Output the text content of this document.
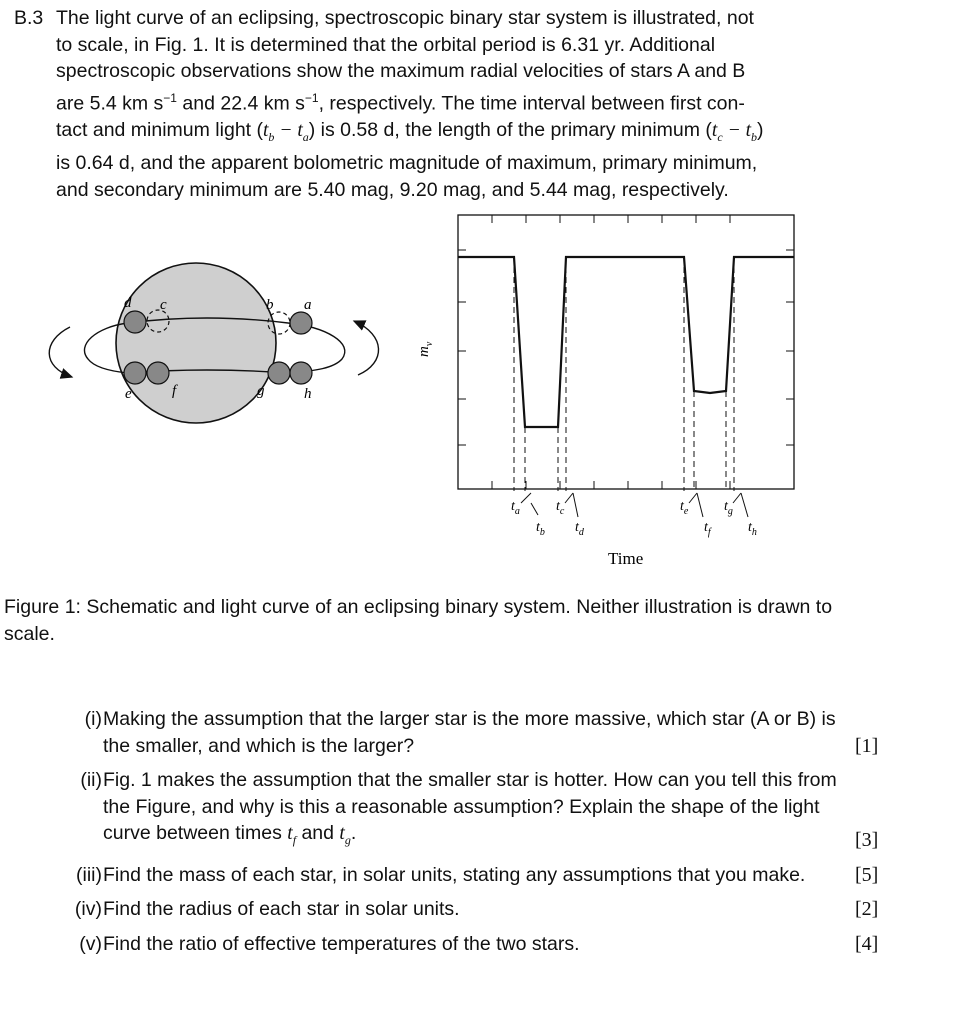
B.3 The light curve of an eclipsing, spectroscopic binary star system is illustrated, not
to scale, in Fig. 1. It is determined that the orbital period is 6.31 yr. Additional
spectroscopic observations show the maximum radial velocities of stars A and B
are 5.4 km $s^{-1}$ and 22.4 km $s^{-1}$, respectively. The time interval between first con-
tact and minimum light $(t_b - t_a)$ is 0.58 d, the length of the primary minimum $(t_c - t_b)$
is 0.64 d, and the apparent bolometric magnitude of maximum, primary minimum,
and secondary minimum are 5.40 mag, 9.20 mag, and 5.44 mag, respectively.
d c	b a
e	f	g	h
$m_v$
$t_a$
$t_b$
$t_c$
$t_d$
$t_e$
$t_f$
$t_g$
$t_h$
Time
Figure 1: Schematic and light curve of an eclipsing binary system. Neither illustration is drawn to scale.
(i) Making the assumption that the larger star is the more massive, which star (A or B) is the smaller, and which is the larger?	[1]
(ii) Fig. 1 makes the assumption that the smaller star is hotter. How can you tell this from the Figure, and why is this a reasonable assumption? Explain the shape of the light curve between times $t_f$ and $t_g$.	[3]
(iii) Find the mass of each star, in solar units, stating any assumptions that you make.	[5]
(iv) Find the radius of each star in solar units.	[2]
(v) Find the ratio of effective temperatures of the two stars.	[4]
